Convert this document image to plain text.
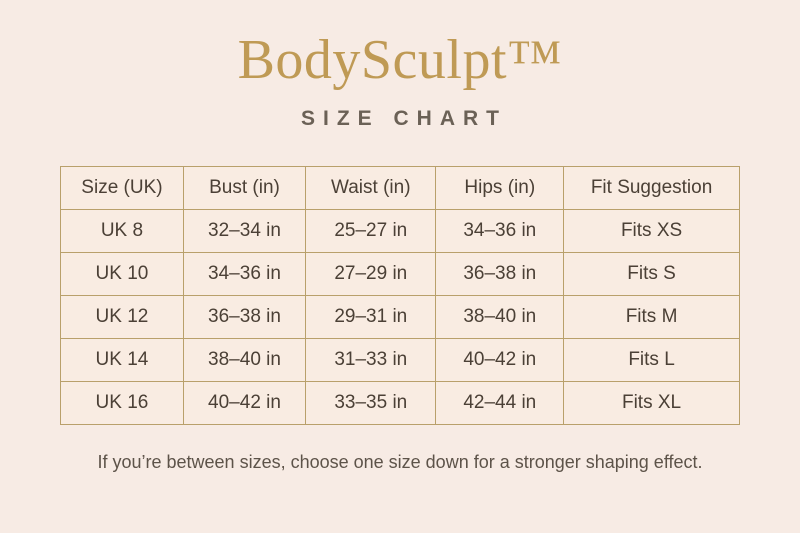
BodySculpt™
SIZE CHART
Size (UK)	Bust (in)	Waist (in)	Hips (in)	Fit Suggestion
UK 8	32–34 in	25–27 in	34–36 in	Fits XS
UK 10	34–36 in	27–29 in	36–38 in	Fits S
UK 12	36–38 in	29–31 in	38–40 in	Fits M
UK 14	38–40 in	31–33 in	40–42 in	Fits L
UK 16	40–42 in	33–35 in	42–44 in	Fits XL

If you’re between sizes, choose one size down for a stronger shaping effect.
